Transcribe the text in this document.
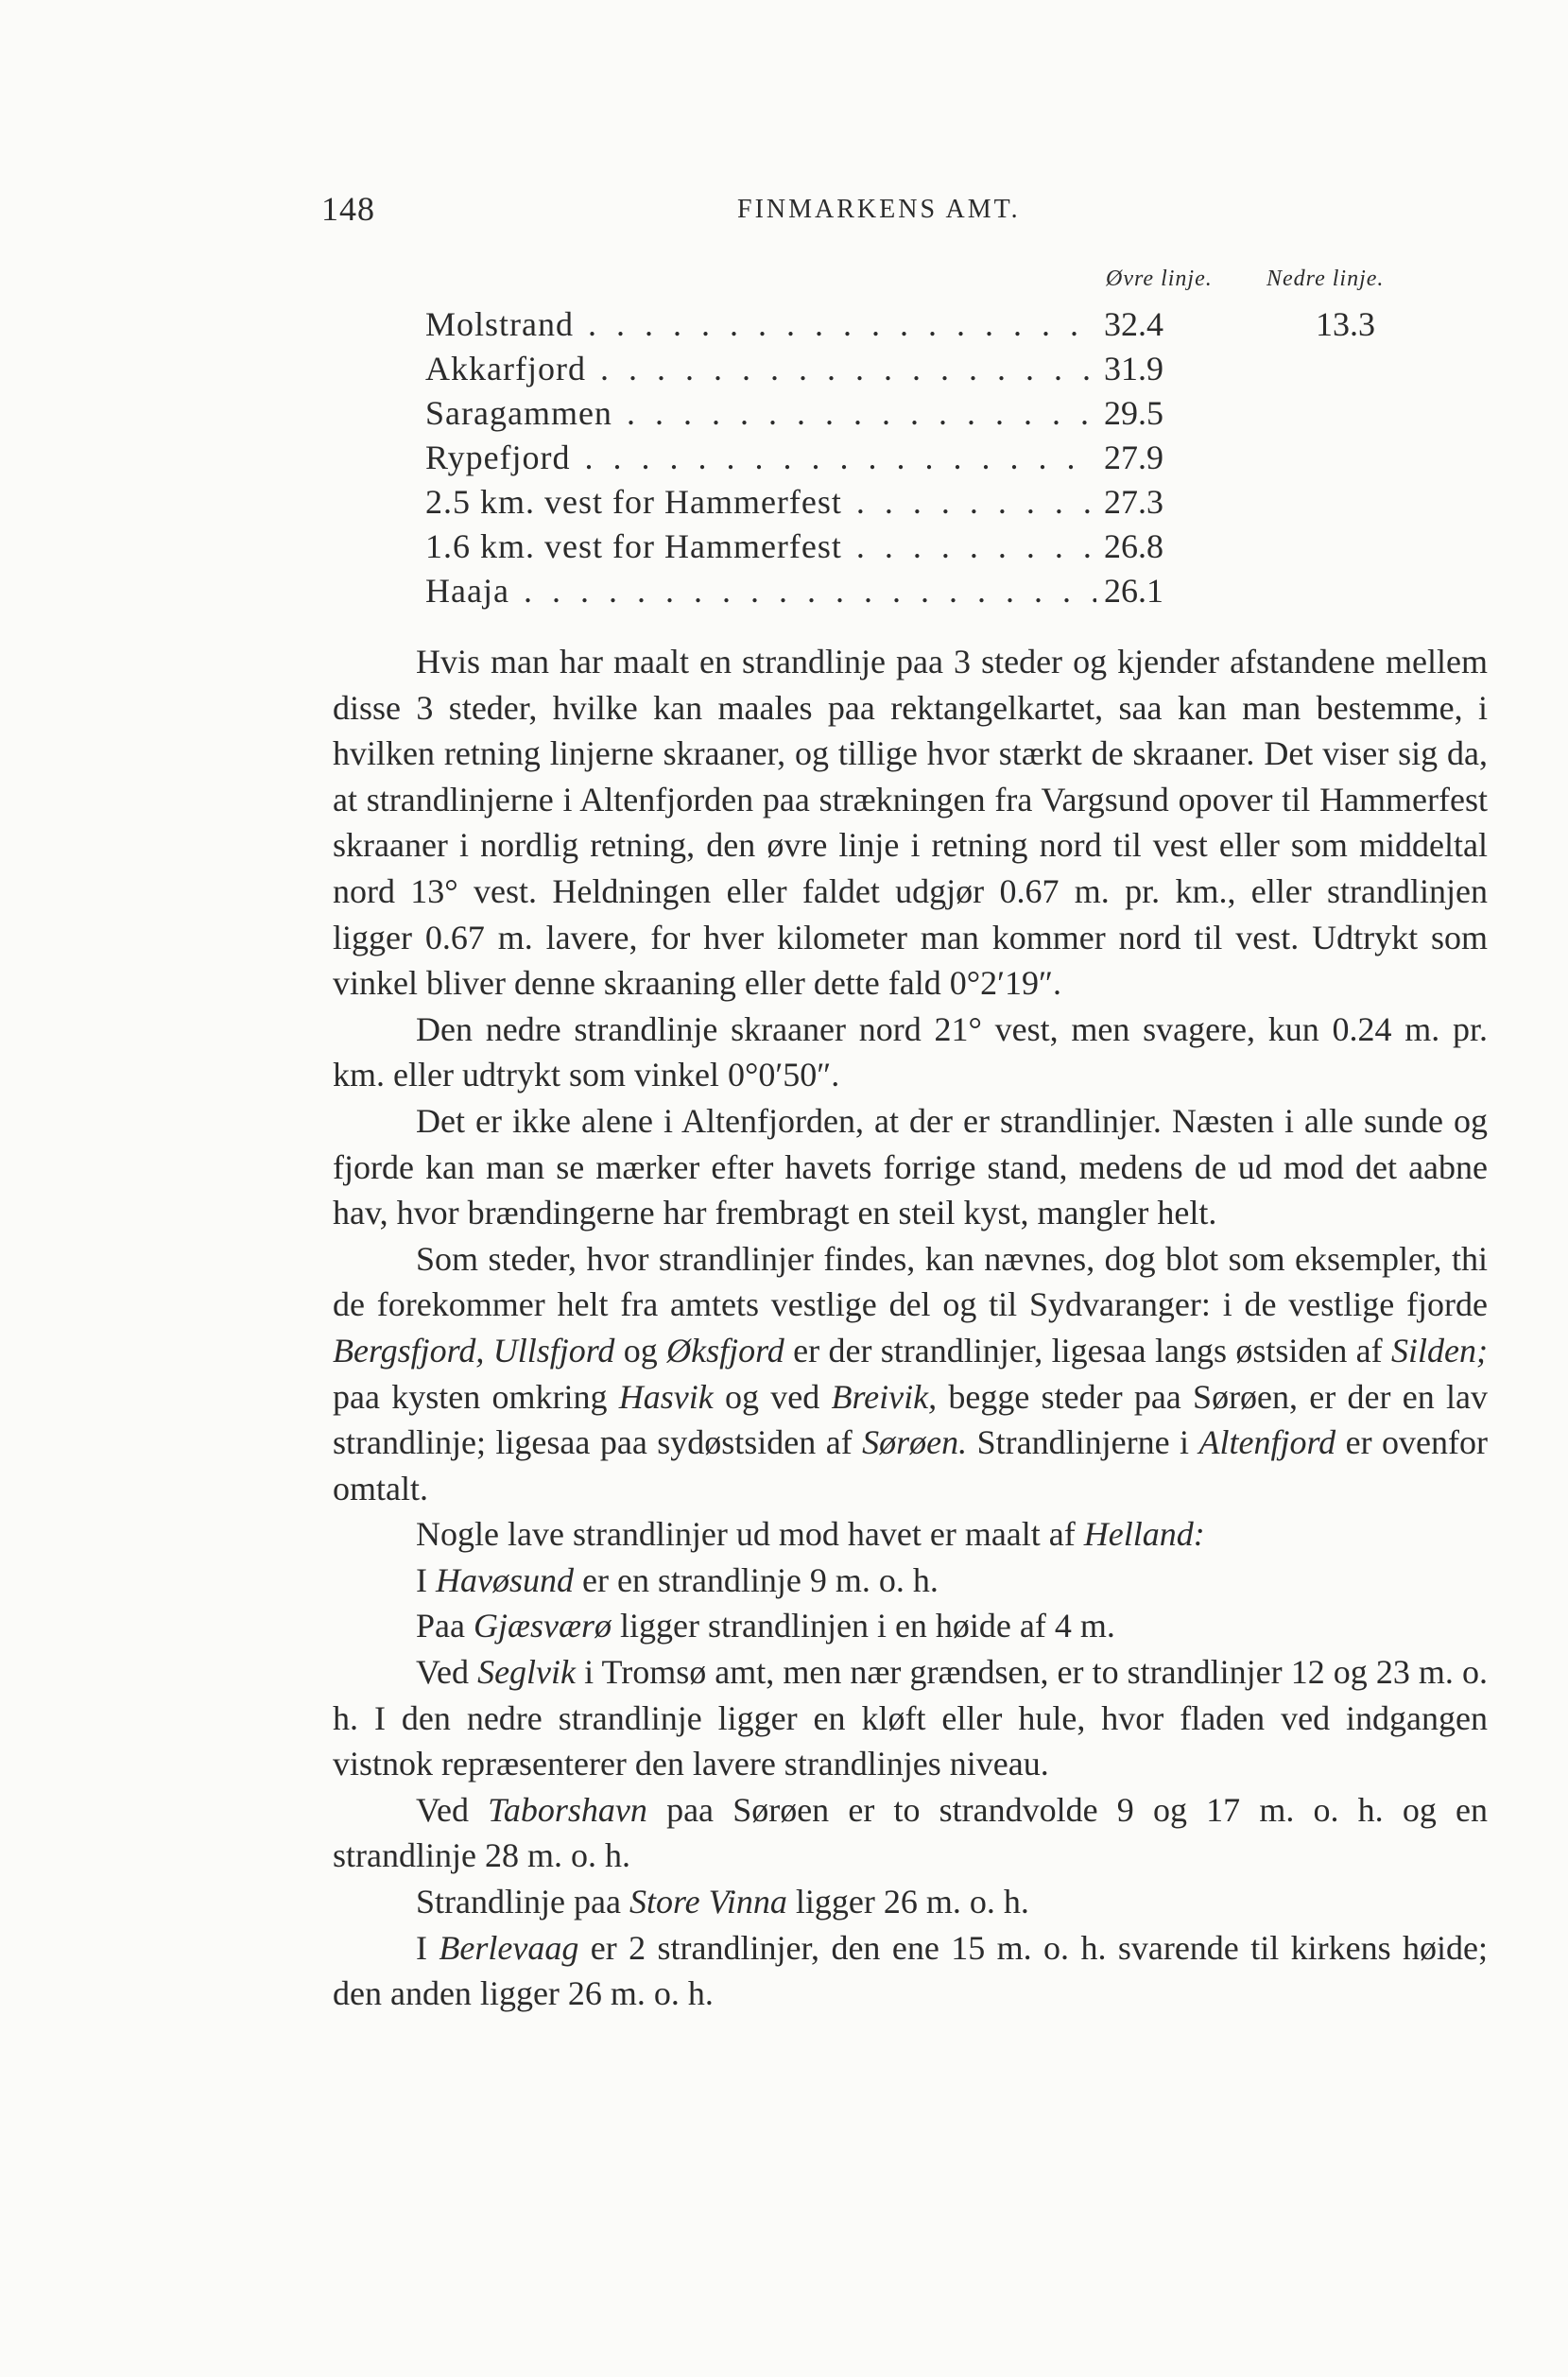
148	FINMARKENS AMT.
Øvre linje. Nedre linje.
Molstrand . . .	32.4	13.3
Akkarfjord . . .	31.9
Saragammen . . .	29.5
Rypefjord . . .	27.9
2.5 km. vest for Hammerfest . . .	27.3
1.6 km. vest for Hammerfest . . .	26.8
Haaja . . .	26.1

Hvis man har maalt en strandlinje paa 3 steder og kjender afstandene mellem disse 3 steder, hvilke kan maales paa rektangelkartet, saa kan man bestemme, i hvilken retning linjerne skraaner, og tillige hvor stærkt de skraaner. Det viser sig da, at strandlinjerne i Altenfjorden paa strækningen fra Vargsund opover til Hammerfest skraaner i nordlig retning, den øvre linje i retning nord til vest eller som middeltal nord 13° vest. Heldningen eller faldet udgjør 0.67 m. pr. km., eller strandlinjen ligger 0.67 m. lavere, for hver kilometer man kommer nord til vest. Udtrykt som vinkel bliver denne skraaning eller dette fald 0°2′19″.

Den nedre strandlinje skraaner nord 21° vest, men svagere, kun 0.24 m. pr. km. eller udtrykt som vinkel 0°0′50″.

Det er ikke alene i Altenfjorden, at der er strandlinjer. Næsten i alle sunde og fjorde kan man se mærker efter havets forrige stand, medens de ud mod det aabne hav, hvor brændingerne har frembragt en steil kyst, mangler helt.

Som steder, hvor strandlinjer findes, kan nævnes, dog blot som eksempler, thi de forekommer helt fra amtets vestlige del og til Sydvaranger: i de vestlige fjorde Bergsfjord, Ullsfjord og Øksfjord er der strandlinjer, ligesaa langs østsiden af Silden; paa kysten omkring Hasvik og ved Breivik, begge steder paa Sørøen, er der en lav strandlinje; ligesaa paa sydøstsiden af Sørøen. Strandlinjerne i Altenfjord er ovenfor omtalt.

Nogle lave strandlinjer ud mod havet er maalt af Helland:

I Havøsund er en strandlinje 9 m. o. h.

Paa Gjæsværø ligger strandlinjen i en høide af 4 m.

Ved Seglvik i Tromsø amt, men nær grændsen, er to strandlinjer 12 og 23 m. o. h. I den nedre strandlinje ligger en kløft eller hule, hvor fladen ved indgangen vistnok repræsenterer den lavere strandlinjes niveau.

Ved Taborshavn paa Sørøen er to strandvolde 9 og 17 m. o. h. og en strandlinje 28 m. o. h.

Strandlinje paa Store Vinna ligger 26 m. o. h.

I Berlevaag er 2 strandlinjer, den ene 15 m. o. h. svarende til kirkens høide; den anden ligger 26 m. o. h.
